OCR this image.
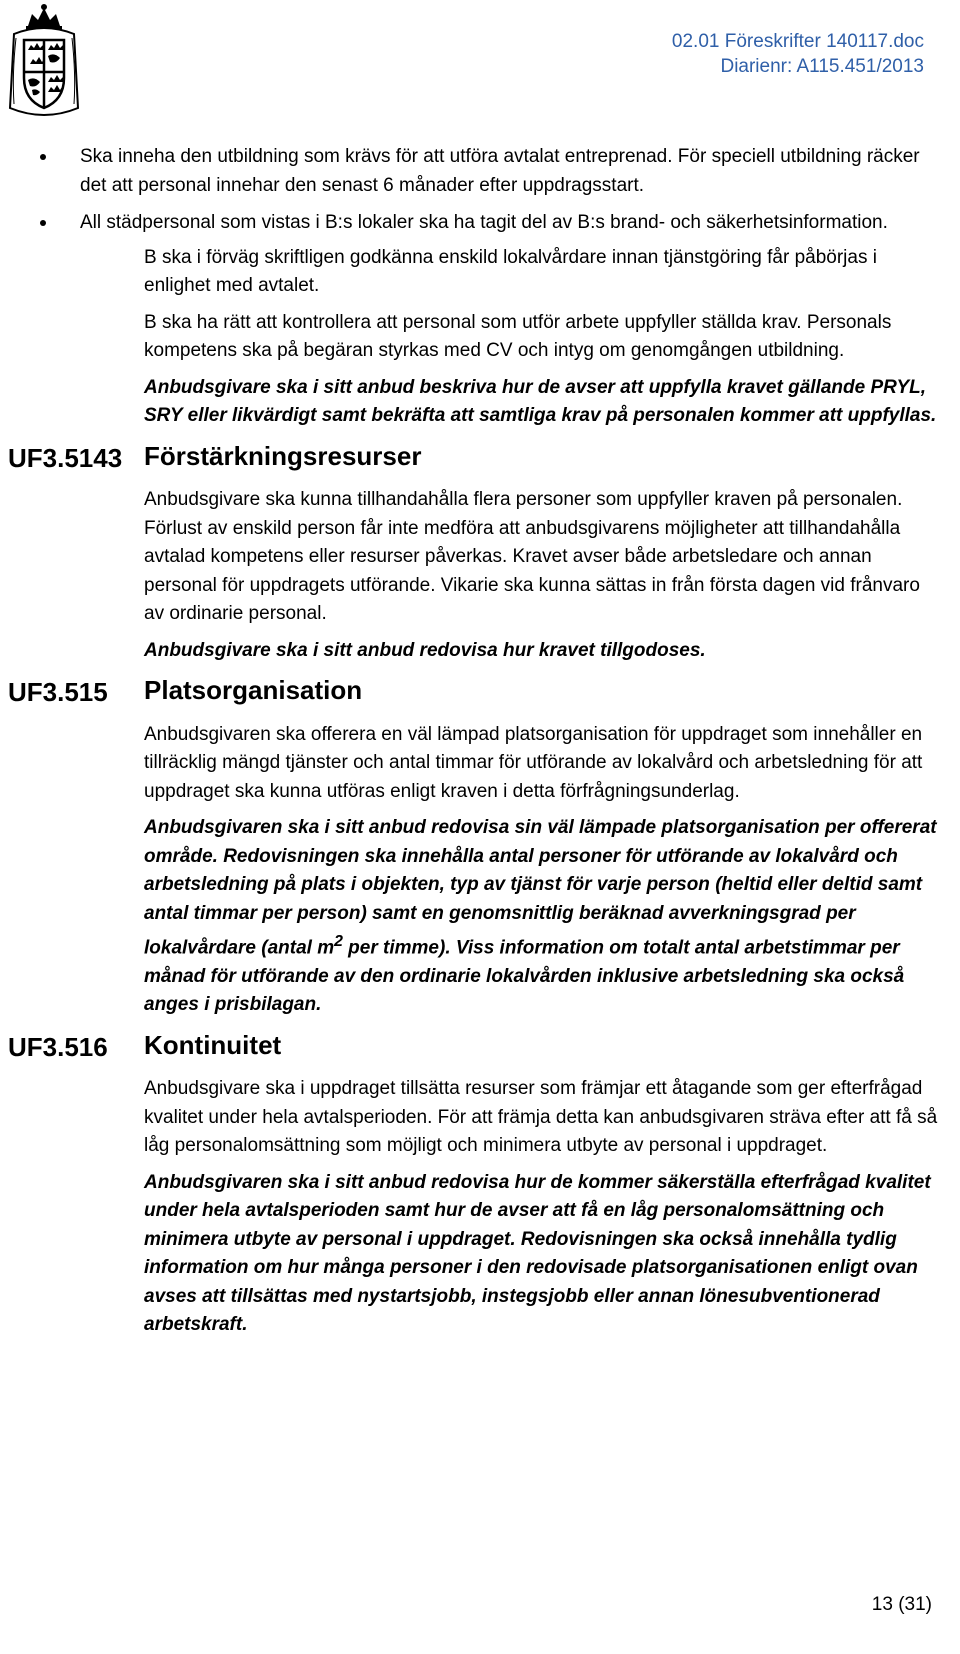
02.01 Föreskrifter 140117.doc
Diarienr: A115.451/2013
Ska inneha den utbildning som krävs för att utföra avtalat entreprenad. För speciell utbildning räcker det att personal innehar den senast 6 månader efter uppdragsstart.
All städpersonal som vistas i B:s lokaler ska ha tagit del av B:s brand- och säkerhetsinformation.

B ska i förväg skriftligen godkänna enskild lokalvårdare innan tjänstgöring får påbörjas i enlighet med avtalet.

B ska ha rätt att kontrollera att personal som utför arbete uppfyller ställda krav. Personals kompetens ska på begäran styrkas med CV och intyg om genomgången utbildning.

Anbudsgivare ska i sitt anbud beskriva hur de avser att uppfylla kravet gällande PRYL, SRY eller likvärdigt samt bekräfta att samtliga krav på personalen kommer att uppfyllas.

UF3.5143 Förstärkningsresurser

Anbudsgivare ska kunna tillhandahålla flera personer som uppfyller kraven på personalen. Förlust av enskild person får inte medföra att anbudsgivarens möjligheter att tillhandahålla avtalad kompetens eller resurser påverkas. Kravet avser både arbetsledare och annan personal för uppdragets utförande. Vikarie ska kunna sättas in från första dagen vid frånvaro av ordinarie personal.

Anbudsgivare ska i sitt anbud redovisa hur kravet tillgodoses.

UF3.515 Platsorganisation

Anbudsgivaren ska offerera en väl lämpad platsorganisation för uppdraget som innehåller en tillräcklig mängd tjänster och antal timmar för utförande av lokalvård och arbetsledning för att uppdraget ska kunna utföras enligt kraven i detta förfrågningsunderlag.

Anbudsgivaren ska i sitt anbud redovisa sin väl lämpade platsorganisation per offererat område. Redovisningen ska innehålla antal personer för utförande av lokalvård och arbetsledning på plats i objekten, typ av tjänst för varje person (heltid eller deltid samt antal timmar per person) samt en genomsnittlig beräknad avverkningsgrad per lokalvårdare (antal $m^2$ per timme). Viss information om totalt antal arbetstimmar per månad för utförande av den ordinarie lokalvården inklusive arbetsledning ska också anges i prisbilagan.

UF3.516 Kontinuitet

Anbudsgivare ska i uppdraget tillsätta resurser som främjar ett åtagande som ger efterfrågad kvalitet under hela avtalsperioden. För att främja detta kan anbudsgivaren sträva efter att få så låg personalomsättning som möjligt och minimera utbyte av personal i uppdraget.

Anbudsgivaren ska i sitt anbud redovisa hur de kommer säkerställa efterfrågad kvalitet under hela avtalsperioden samt hur de avser att få en låg personalomsättning och minimera utbyte av personal i uppdraget. Redovisningen ska också innehålla tydlig information om hur många personer i den redovisade platsorganisationen enligt ovan avses att tillsättas med nystartsjobb, instegsjobb eller annan lönesubventionerad arbetskraft.

13 (31)
